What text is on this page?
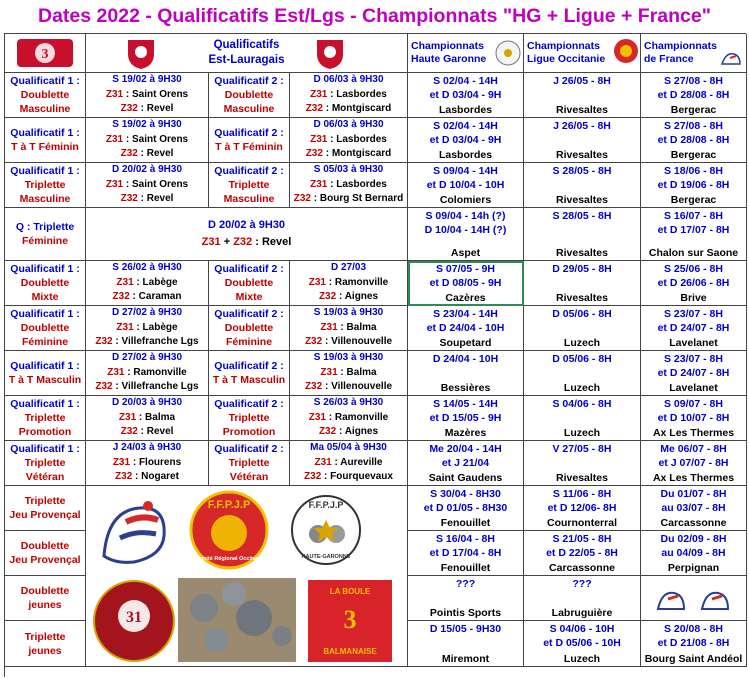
Dates 2022 - Qualificatifs Est/Lgs - Championnats "HG + Ligue + France"
3
Qualificatifs
Est-Lauragais
Championnats
Haute Garonne
Championnats
Ligue Occitanie
Championnats
de France
Qualificatif 1 :
Doublette
Masculine
S 19/02 à 9H30
Z31 : Saint Orens
Z32 : Revel
Qualificatif 2 :
Doublette
Masculine
D 06/03 à 9H30
Z31 : Lasbordes
Z32 : Montgiscard
S 02/04 - 14H
et D 03/04 - 9H
Lasbordes
J 26/05 - 8H
Rivesaltes
S 27/08 - 8H
et D 28/08 - 8H
Bergerac
Qualificatif 1 :
T à T Féminin
S 19/02 à 9H30
Z31 : Saint Orens
Z32 : Revel
Qualificatif 2 :
T à T Féminin
D 06/03 à 9H30
Z31 : Lasbordes
Z32 : Montgiscard
S 02/04 - 14H
et D 03/04 - 9H
Lasbordes
J 26/05 - 8H
Rivesaltes
S 27/08 - 8H
et D 28/08 - 8H
Bergerac
Qualificatif 1 :
Triplette
Masculine
D 20/02 à 9H30
Z31 : Saint Orens
Z32 : Revel
Qualificatif 2 :
Triplette
Masculine
S 05/03 à 9H30
Z31 : Lasbordes
Z32 : Bourg St Bernard
S 09/04 - 14H
et D 10/04 - 10H
Colomiers
S 28/05 - 8H
Rivesaltes
S 18/06 - 8H
et D 19/06 - 8H
Bergerac
Q : Triplette
Féminine
D 20/02 à 9H30
Z31 + Z32 : Revel
S 09/04 - 14h (?)
D 10/04 - 14H (?)
Aspet
S 28/05 - 8H
Rivesaltes
S 16/07 - 8H
et D 17/07 - 8H
Chalon sur Saone
Qualificatif 1 :
Doublette
Mixte
S 26/02 à 9H30
Z31 : Labège
Z32 : Caraman
Qualificatif 2 :
Doublette
Mixte
D 27/03
Z31 : Ramonville
Z32 : Aignes
S 07/05 - 9H
et D 08/05 - 9H
Cazères
D 29/05 - 8H
Rivesaltes
S 25/06 - 8H
et D 26/06 - 8H
Brive
Qualificatif 1 :
Doublette
Féminine
D 27/02 à 9H30
Z31 : Labège
Z32 : Villefranche Lgs
Qualificatif 2 :
Doublette
Féminine
S 19/03 à 9H30
Z31 : Balma
Z32 : Villenouvelle
S 23/04 - 14H
et D 24/04 - 10H
Soupetard
D 05/06 - 8H
Luzech
S 23/07 - 8H
et D 24/07 - 8H
Lavelanet
Qualificatif 1 :
T à T Masculin
D 27/02 à 9H30
Z31 : Ramonville
Z32 : Villefranche Lgs
Qualificatif 2 :
T à T Masculin
S 19/03 à 9H30
Z31 : Balma
Z32 : Villenouvelle
D 24/04 - 10H
Bessières
D 05/06 - 8H
Luzech
S 23/07 - 8H
et D 24/07 - 8H
Lavelanet
Qualificatif 1 :
Triplette
Promotion
D 20/03 à 9H30
Z31 : Balma
Z32 : Revel
Qualificatif 2 :
Triplette
Promotion
S 26/03 à 9H30
Z31 : Ramonville
Z32 : Aignes
S 14/05 - 14H
et D 15/05 - 9H
Mazères
S 04/06 - 8H
Luzech
S 09/07 - 8H
et D 10/07 - 8H
Ax Les Thermes
Qualificatif 1 :
Triplette
Vétéran
J 24/03 à 9H30
Z31 : Flourens
Z32 : Nogaret
Qualificatif 2 :
Triplette
Vétéran
Ma 05/04 à 9H30
Z31 : Aureville
Z32 : Fourquevaux
Me 20/04 - 14H
et J 21/04
Saint Gaudens
V 27/05 - 8H
Rivesaltes
Me 06/07 - 8H
et J 07/07 - 8H
Ax Les Thermes
Triplette
Jeu Provençal
S 30/04 - 8H30
et D 01/05 - 8H30
Fenouillet
S 11/06 - 8H
et D 12/06- 8H
Cournonterral
Du 01/07 - 8H
au 03/07 - 8H
Carcassonne
Doublette
Jeu Provençal
S 16/04 - 8H
et D 17/04 - 8H
Fenouillet
S 21/05 - 8H
et D 22/05 - 8H
Carcassonne
Du 02/09 - 8H
au 04/09 - 8H
Perpignan
Doublette
jeunes
???
Pointis Sports
???
Labruguière
Triplette
jeunes
D 15/05 - 9H30
Miremont
S 04/06 - 10H
et D 05/06 - 10H
Luzech
S 20/08 - 8H
et D 21/08 - 8H
Bourg Saint Andéol
F.F.P.J.P
Comité Régional Occitanie
F.F.P.J.P
HAUTE-GARONNE
31
LA BOULE
3
BALMANAISE
